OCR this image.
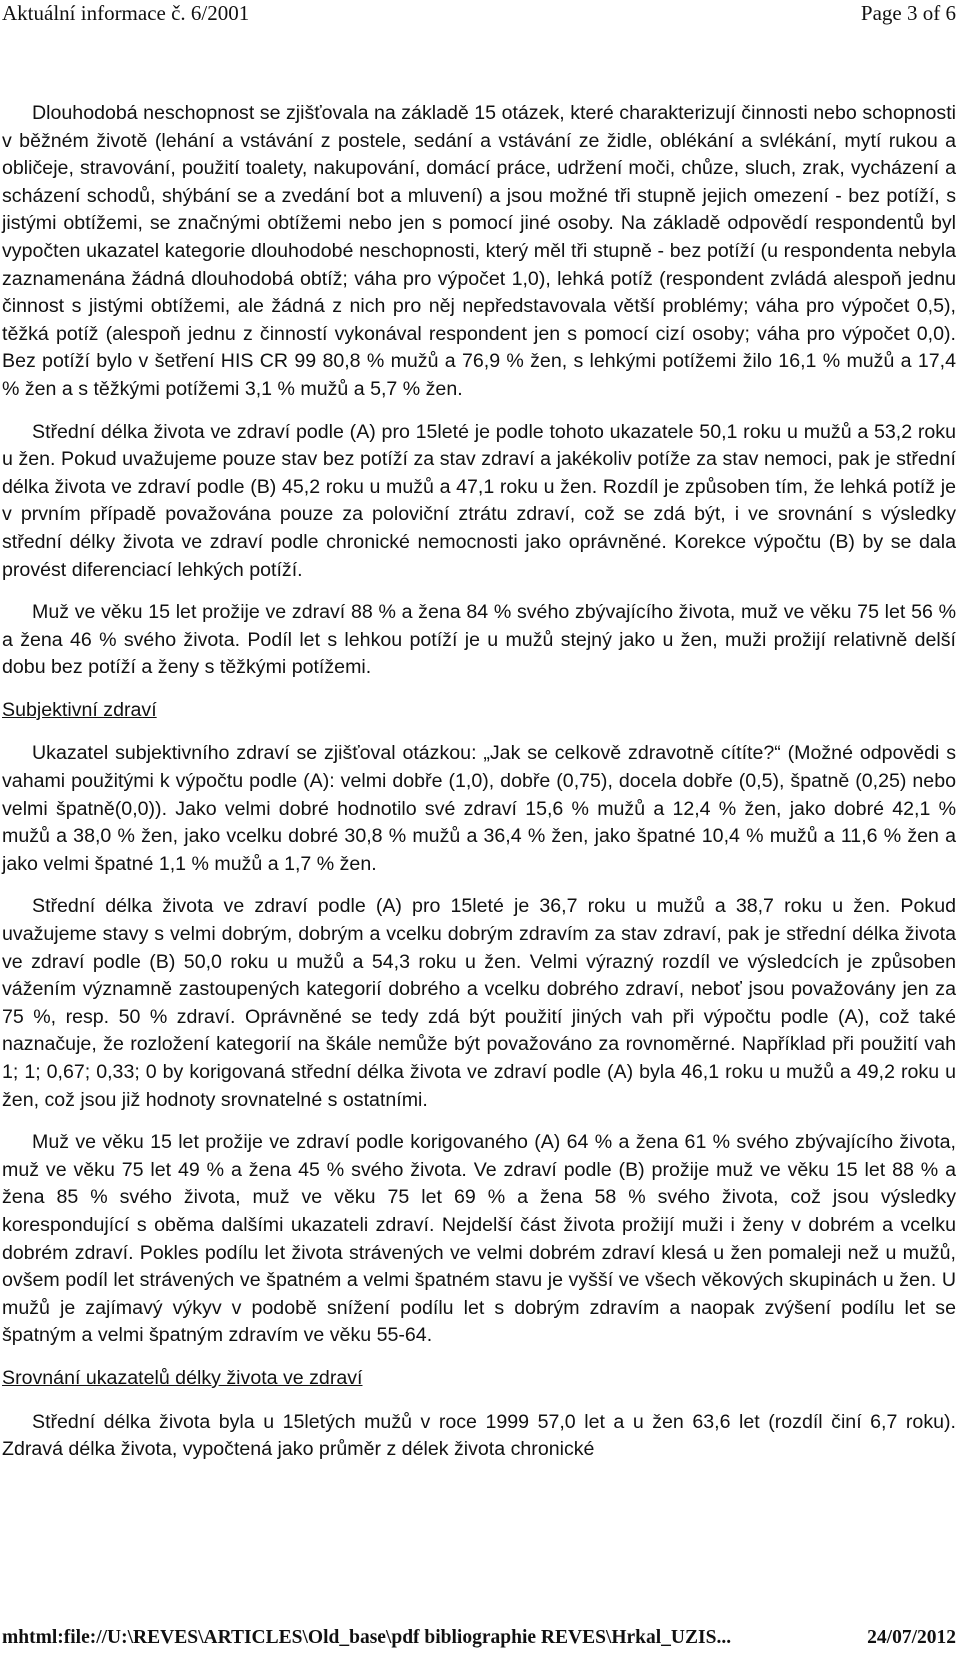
Aktuální informace č. 6/2001	Page 3 of 6

Dlouhodobá neschopnost se zjišťovala na základě 15 otázek, které charakterizují činnosti nebo schopnosti v běžném životě (lehání a vstávání z postele, sedání a vstávání ze židle, oblékání a svlékání, mytí rukou a obličeje, stravování, použití toalety, nakupování, domácí práce, udržení moči, chůze, sluch, zrak, vycházení a scházení schodů, shýbání se a zvedání bot a mluvení) a jsou možné tři stupně jejich omezení - bez potíží, s jistými obtížemi, se značnými obtížemi nebo jen s pomocí jiné osoby. Na základě odpovědí respondentů byl vypočten ukazatel kategorie dlouhodobé neschopnosti, který měl tři stupně - bez potíží (u respondenta nebyla zaznamenána žádná dlouhodobá obtíž; váha pro výpočet 1,0), lehká potíž (respondent zvládá alespoň jednu činnost s jistými obtížemi, ale žádná z nich pro něj nepředstavovala větší problémy; váha pro výpočet 0,5), těžká potíž (alespoň jednu z činností vykonával respondent jen s pomocí cizí osoby; váha pro výpočet 0,0). Bez potíží bylo v šetření HIS CR 99 80,8 % mužů a 76,9 % žen, s lehkými potížemi žilo 16,1 % mužů a 17,4 % žen a s těžkými potížemi 3,1 % mužů a 5,7 % žen.

Střední délka života ve zdraví podle (A) pro 15leté je podle tohoto ukazatele 50,1 roku u mužů a 53,2 roku u žen. Pokud uvažujeme pouze stav bez potíží za stav zdraví a jakékoliv potíže za stav nemoci, pak je střední délka života ve zdraví podle (B) 45,2 roku u mužů a 47,1 roku u žen. Rozdíl je způsoben tím, že lehká potíž je v prvním případě považována pouze za poloviční ztrátu zdraví, což se zdá být, i ve srovnání s výsledky střední délky života ve zdraví podle chronické nemocnosti jako oprávněné. Korekce výpočtu (B) by se dala provést diferenciací lehkých potíží.

Muž ve věku 15 let prožije ve zdraví 88 % a žena 84 % svého zbývajícího života, muž ve věku 75 let 56 % a žena 46 % svého života. Podíl let s lehkou potíží je u mužů stejný jako u žen, muži prožijí relativně delší dobu bez potíží a ženy s těžkými potížemi.

Subjektivní zdraví

Ukazatel subjektivního zdraví se zjišťoval otázkou: „Jak se celkově zdravotně cítíte?“ (Možné odpovědi s vahami použitými k výpočtu podle (A): velmi dobře (1,0), dobře (0,75), docela dobře (0,5), špatně (0,25) nebo velmi špatně(0,0)). Jako velmi dobré hodnotilo své zdraví 15,6 % mužů a 12,4 % žen, jako dobré 42,1 % mužů a 38,0 % žen, jako vcelku dobré 30,8 % mužů a 36,4 % žen, jako špatné 10,4 % mužů a 11,6 % žen a jako velmi špatné 1,1 % mužů a 1,7 % žen.

Střední délka života ve zdraví podle (A) pro 15leté je 36,7 roku u mužů a 38,7 roku u žen. Pokud uvažujeme stavy s velmi dobrým, dobrým a vcelku dobrým zdravím za stav zdraví, pak je střední délka života ve zdraví podle (B) 50,0 roku u mužů a 54,3 roku u žen. Velmi výrazný rozdíl ve výsledcích je způsoben vážením významně zastoupených kategorií dobrého a vcelku dobrého zdraví, neboť jsou považovány jen za 75 %, resp. 50 % zdraví. Oprávněné se tedy zdá být použití jiných vah při výpočtu podle (A), což také naznačuje, že rozložení kategorií na škále nemůže být považováno za rovnoměrné. Například při použití vah 1; 1; 0,67; 0,33; 0 by korigovaná střední délka života ve zdraví podle (A) byla 46,1 roku u mužů a 49,2 roku u žen, což jsou již hodnoty srovnatelné s ostatními.

Muž ve věku 15 let prožije ve zdraví podle korigovaného (A) 64 % a žena 61 % svého zbývajícího života, muž ve věku 75 let 49 % a žena 45 % svého života. Ve zdraví podle (B) prožije muž ve věku 15 let 88 % a žena 85 % svého života, muž ve věku 75 let 69 % a žena 58 % svého života, což jsou výsledky korespondující s oběma dalšími ukazateli zdraví. Nejdelší část života prožijí muži i ženy v dobrém a vcelku dobrém zdraví. Pokles podílu let života strávených ve velmi dobrém zdraví klesá u žen pomaleji než u mužů, ovšem podíl let strávených ve špatném a velmi špatném stavu je vyšší ve všech věkových skupinách u žen. U mužů je zajímavý výkyv v podobě snížení podílu let s dobrým zdravím a naopak zvýšení podílu let se špatným a velmi špatným zdravím ve věku 55-64.

Srovnání ukazatelů délky života ve zdraví

Střední délka života byla u 15letých mužů v roce 1999 57,0 let a u žen 63,6 let (rozdíl činí 6,7 roku). Zdravá délka života, vypočtená jako průměr z délek života chronické

mhtml:file://U:\REVES\ARTICLES\Old_base\pdf bibliographie REVES\Hrkal_UZIS...	24/07/2012
